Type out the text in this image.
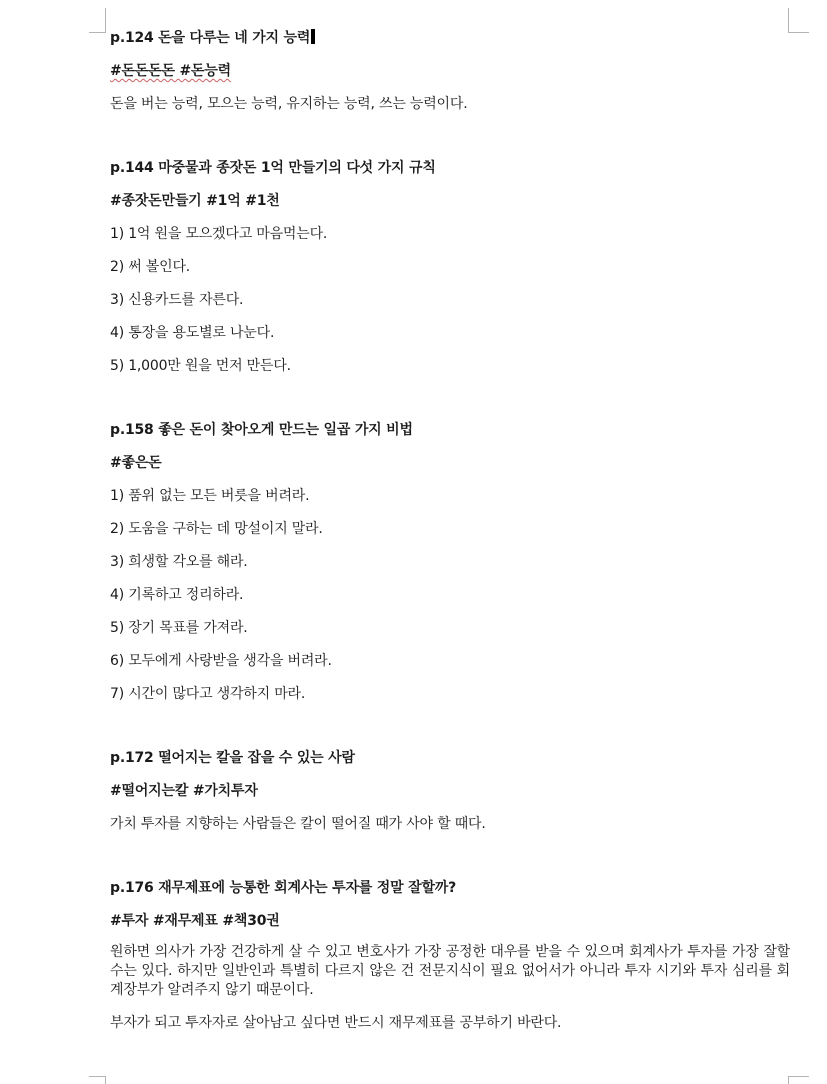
p.124 돈을 다루는 네 가지 능력
#돈돈돈돈 #돈능력
돈을 버는 능력, 모으는 능력, 유지하는 능력, 쓰는 능력이다.
p.144 마중물과 종잣돈 1억 만들기의 다섯 가지 규칙
#종잣돈만들기 #1억 #1천
1) 1억 원을 모으겠다고 마음먹는다.
2) 써 볼인다.
3) 신용카드를 자른다.
4) 통장을 용도별로 나눈다.
5) 1,000만 원을 먼저 만든다.
p.158 좋은 돈이 찾아오게 만드는 일곱 가지 비법
#좋은돈
1) 품위 없는 모든 버릇을 버려라.
2) 도움을 구하는 데 망설이지 말라.
3) 희생할 각오를 해라.
4) 기록하고 정리하라.
5) 장기 목표를 가져라.
6) 모두에게 사랑받을 생각을 버려라.
7) 시간이 많다고 생각하지 마라.
p.172 떨어지는 칼을 잡을 수 있는 사람
#떨어지는칼 #가치투자
가치 투자를 지향하는 사람들은 칼이 떨어질 때가 사야 할 때다.
p.176 재무제표에 능통한 회계사는 투자를 정말 잘할까?
#투자 #재무제표 #책30권
원하면 의사가 가장 건강하게 살 수 있고 변호사가 가장 공정한 대우를 받을 수 있으며 회계사가 투자를 가장 잘할 수는 있다. 하지만 일반인과 특별히 다르지 않은 건 전문지식이 필요 없어서가 아니라 투자 시기와 투자 심리를 회계장부가 알려주지 않기 때문이다.
부자가 되고 투자자로 살아남고 싶다면 반드시 재무제표를 공부하기 바란다.
